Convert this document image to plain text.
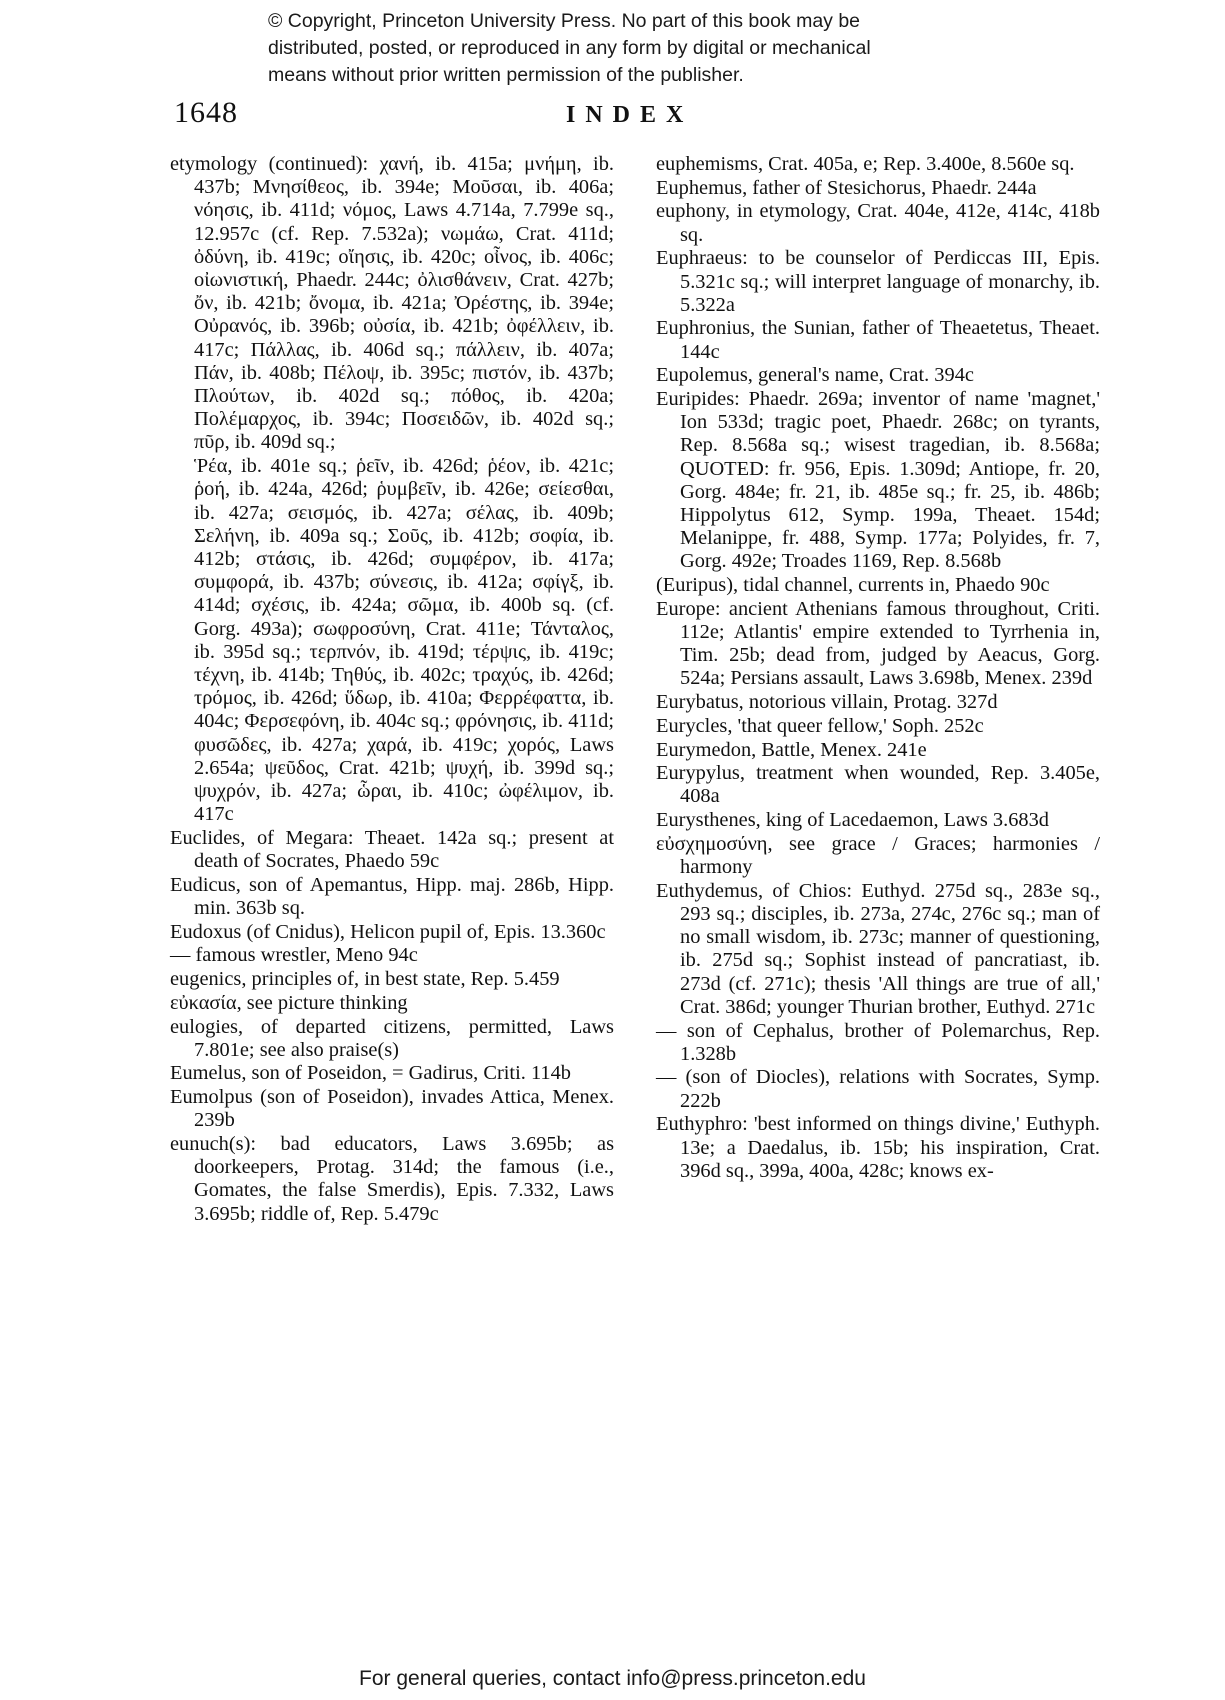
© Copyright, Princeton University Press. No part of this book may be
distributed, posted, or reproduced in any form by digital or mechanical
means without prior written permission of the publisher.
1648	INDEX

etymology (continued): χανή, ib. 415a; μνήμη, ib. 437b; Μνησίθεος, ib. 394e; Μοῦσαι, ib. 406a; νόησις, ib. 411d; νόμος, Laws 4.714a, 7.799e sq., 12.957c (cf. Rep. 7.532a); νωμάω, Crat. 411d; ὀδύνη, ib. 419c; οἴησις, ib. 420c; οἶνος, ib. 406c; οἰωνιστική, Phaedr. 244c; ὀλισθάνειν, Crat. 427b; ὄν, ib. 421b; ὄνομα, ib. 421a; Ὀρέστης, ib. 394e; Οὐρανός, ib. 396b; οὐσία, ib. 421b; ὀφέλλειν, ib. 417c; Πάλλας, ib. 406d sq.; πάλλειν, ib. 407a; Πάν, ib. 408b; Πέλοψ, ib. 395c; πιστόν, ib. 437b; Πλούτων, ib. 402d sq.; πόθος, ib. 420a; Πολέμαρχος, ib. 394c; Ποσειδῶν, ib. 402d sq.; πῦρ, ib. 409d sq.;

Ῥέα, ib. 401e sq.; ῥεῖν, ib. 426d; ῥέον, ib. 421c; ῥοή, ib. 424a, 426d; ῥυμβεῖν, ib. 426e; σείεσθαι, ib. 427a; σεισμός, ib. 427a; σέλας, ib. 409b; Σελήνη, ib. 409a sq.; Σοῦς, ib. 412b; σοφία, ib. 412b; στάσις, ib. 426d; συμφέρον, ib. 417a; συμφορά, ib. 437b; σύνεσις, ib. 412a; σφίγξ, ib. 414d; σχέσις, ib. 424a; σῶμα, ib. 400b sq. (cf. Gorg. 493a); σωφροσύνη, Crat. 411e; Τάνταλος, ib. 395d sq.; τερπνόν, ib. 419d; τέρψις, ib. 419c; τέχνη, ib. 414b; Τηθύς, ib. 402c; τραχύς, ib. 426d; τρόμος, ib. 426d; ὕδωρ, ib. 410a; Φερρέφαττα, ib. 404c; Φερσεφόνη, ib. 404c sq.; φρόνησις, ib. 411d; φυσῶδες, ib. 427a; χαρά, ib. 419c; χορός, Laws 2.654a; ψεῦδος, Crat. 421b; ψυχή, ib. 399d sq.; ψυχρόν, ib. 427a; ὧραι, ib. 410c; ὠφέλιμον, ib. 417c

Euclides, of Megara: Theaet. 142a sq.; present at death of Socrates, Phaedo 59c

Eudicus, son of Apemantus, Hipp. maj. 286b, Hipp. min. 363b sq.

Eudoxus (of Cnidus), Helicon pupil of, Epis. 13.360c

— famous wrestler, Meno 94c

eugenics, principles of, in best state, Rep. 5.459

εὐκασία, see picture thinking

eulogies, of departed citizens, permitted, Laws 7.801e; see also praise(s)

Eumelus, son of Poseidon, = Gadirus, Criti. 114b

Eumolpus (son of Poseidon), invades Attica, Menex. 239b

eunuch(s): bad educators, Laws 3.695b; as doorkeepers, Protag. 314d; the famous (i.e., Gomates, the false Smerdis), Epis. 7.332, Laws 3.695b; riddle of, Rep. 5.479c

euphemisms, Crat. 405a, e; Rep. 3.400e, 8.560e sq.

Euphemus, father of Stesichorus, Phaedr. 244a

euphony, in etymology, Crat. 404e, 412e, 414c, 418b sq.

Euphraeus: to be counselor of Perdiccas III, Epis. 5.321c sq.; will interpret language of monarchy, ib. 5.322a

Euphronius, the Sunian, father of Theaetetus, Theaet. 144c

Eupolemus, general's name, Crat. 394c

Euripides: Phaedr. 269a; inventor of name 'magnet,' Ion 533d; tragic poet, Phaedr. 268c; on tyrants, Rep. 8.568a sq.; wisest tragedian, ib. 8.568a; QUOTED: fr. 956, Epis. 1.309d; Antiope, fr. 20, Gorg. 484e; fr. 21, ib. 485e sq.; fr. 25, ib. 486b; Hippolytus 612, Symp. 199a, Theaet. 154d; Melanippe, fr. 488, Symp. 177a; Polyides, fr. 7, Gorg. 492e; Troades 1169, Rep. 8.568b

(Euripus), tidal channel, currents in, Phaedo 90c

Europe: ancient Athenians famous throughout, Criti. 112e; Atlantis' empire extended to Tyrrhenia in, Tim. 25b; dead from, judged by Aeacus, Gorg. 524a; Persians assault, Laws 3.698b, Menex. 239d

Eurybatus, notorious villain, Protag. 327d

Eurycles, 'that queer fellow,' Soph. 252c

Eurymedon, Battle, Menex. 241e

Eurypylus, treatment when wounded, Rep. 3.405e, 408a

Eurysthenes, king of Lacedaemon, Laws 3.683d

εὐσχημοσύνη, see grace / Graces; harmonies / harmony

Euthydemus, of Chios: Euthyd. 275d sq., 283e sq., 293 sq.; disciples, ib. 273a, 274c, 276c sq.; man of no small wisdom, ib. 273c; manner of questioning, ib. 275d sq.; Sophist instead of pancratiast, ib. 273d (cf. 271c); thesis 'All things are true of all,' Crat. 386d; younger Thurian brother, Euthyd. 271c

— son of Cephalus, brother of Polemarchus, Rep. 1.328b

— (son of Diocles), relations with Socrates, Symp. 222b

Euthyphro: 'best informed on things divine,' Euthyph. 13e; a Daedalus, ib. 15b; his inspiration, Crat. 396d sq., 399a, 400a, 428c; knows ex-

For general queries, contact info@press.princeton.edu
